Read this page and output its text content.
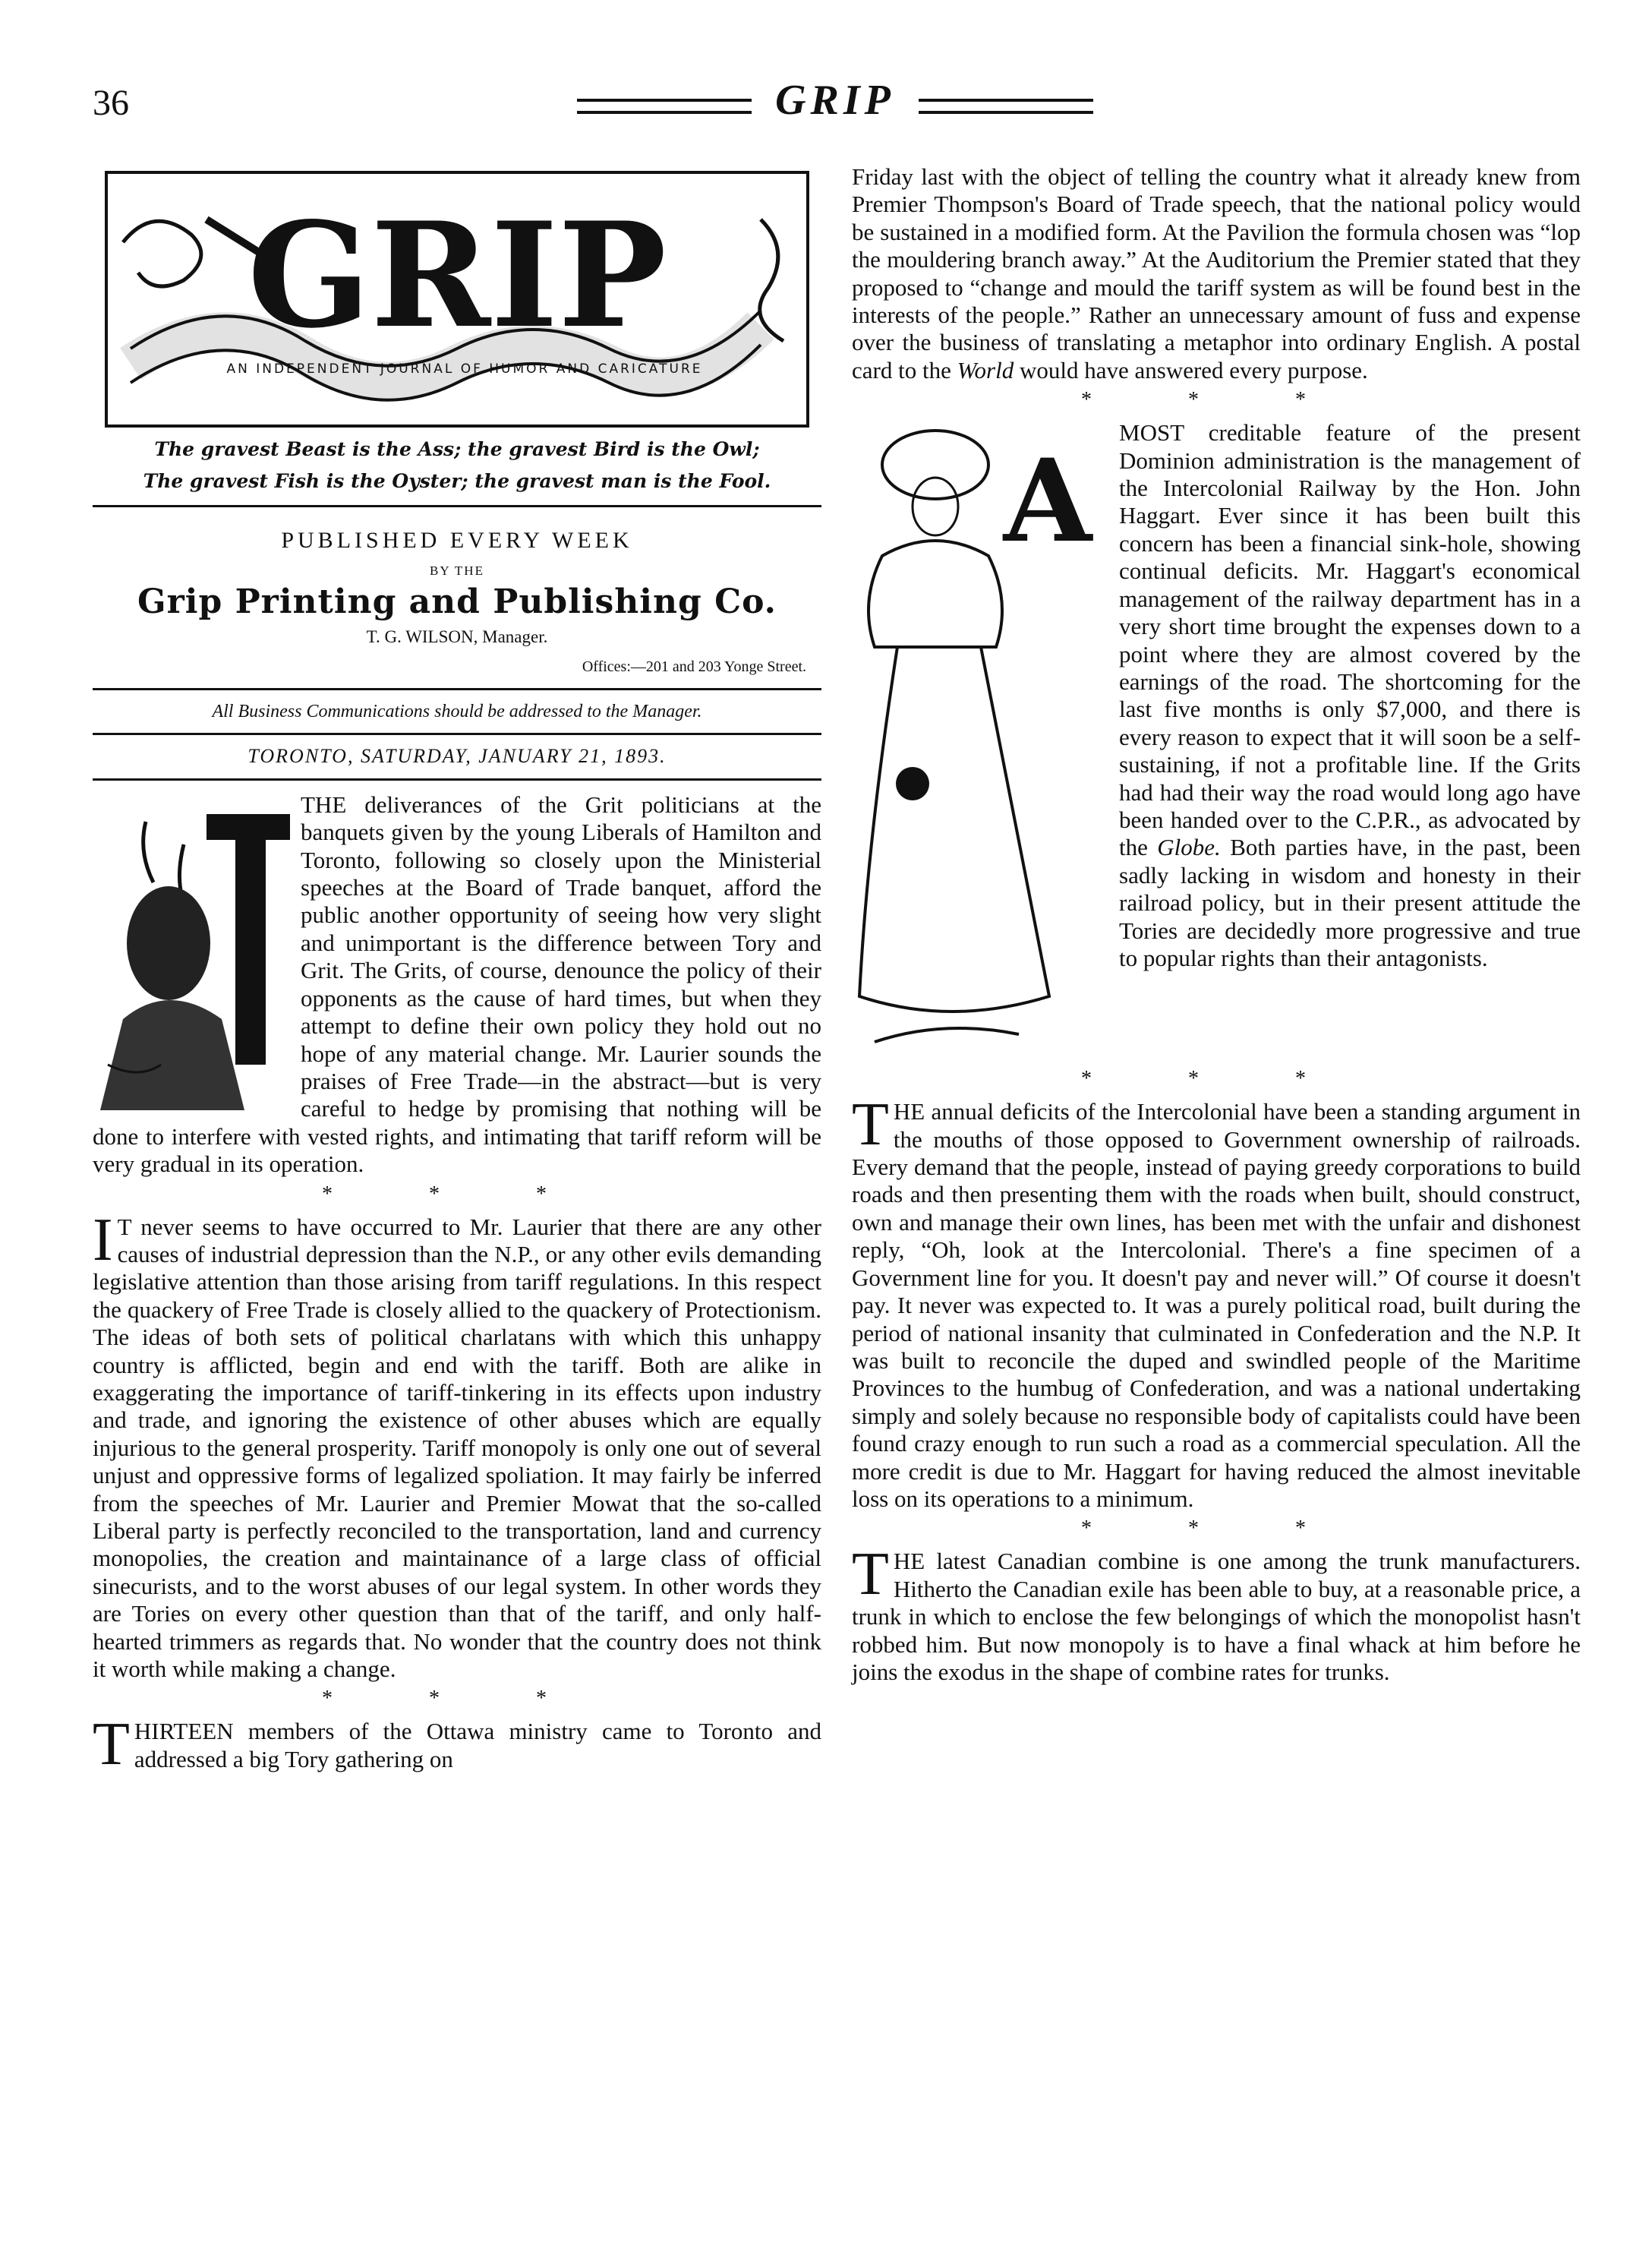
36	GRIP
GRIP
AN INDEPENDENT JOURNAL OF HUMOR AND CARICATURE
The gravest Beast is the Ass; the gravest Bird is the Owl;
The gravest Fish is the Oyster; the gravest man is the Fool.
PUBLISHED EVERY WEEK
BY THE
Grip Printing and Publishing Co.
T. G. WILSON, Manager.
Offices:—201 and 203 Yonge Street.

All Business Communications should be addressed to the Manager.

TORONTO, SATURDAY, JANUARY 21, 1893.

THE deliverances of the Grit politicians at the banquets given by the young Liberals of Hamilton and Toronto, following so closely upon the Ministerial speeches at the Board of Trade banquet, afford the public another opportunity of seeing how very slight and unimportant is the difference between Tory and Grit. The Grits, of course, denounce the policy of their opponents as the cause of hard times, but when they attempt to define their own policy they hold out no hope of any material change. Mr. Laurier sounds the praises of Free Trade—in the abstract—but is very careful to hedge by promising that nothing will be done to interfere with vested rights, and intimating that tariff reform will be very gradual in its operation.

* * *

I T never seems to have occurred to Mr. Laurier that there are any other causes of industrial depression than the N.P., or any other evils demanding legislative attention than those arising from tariff regulations. In this respect the quackery of Free Trade is closely allied to the quackery of Protectionism. The ideas of both sets of political charlatans with which this unhappy country is afflicted, begin and end with the tariff. Both are alike in exaggerating the importance of tariff-tinkering in its effects upon industry and trade, and ignoring the existence of other abuses which are equally injurious to the general prosperity. Tariff monopoly is only one out of several unjust and oppressive forms of legalized spoliation. It may fairly be inferred from the speeches of Mr. Laurier and Premier Mowat that the so-called Liberal party is perfectly reconciled to the transportation, land and currency monopolies, the creation and maintainance of a large class of official sinecurists, and to the worst abuses of our legal system. In other words they are Tories on every other question than that of the tariff, and only half-hearted trimmers as regards that. No wonder that the country does not think it worth while making a change.

* * *

T HIRTEEN members of the Ottawa ministry came to Toronto and addressed a big Tory gathering on

Friday last with the object of telling the country what it already knew from Premier Thompson's Board of Trade speech, that the national policy would be sustained in a modified form. At the Pavilion the formula chosen was “lop the mouldering branch away.” At the Auditorium the Premier stated that they proposed to “change and mould the tariff system as will be found best in the interests of the people.” Rather an unnecessary amount of fuss and expense over the business of translating a metaphor into ordinary English. A postal card to the World would have answered every purpose.

* * *
A

MOST creditable feature of the present Dominion administration is the management of the Intercolonial Railway by the Hon. John Haggart. Ever since it has been built this concern has been a financial sink-hole, showing continual deficits. Mr. Haggart's economical management of the railway department has in a very short time brought the expenses down to a point where they are almost covered by the earnings of the road. The shortcoming for the last five months is only $7,000, and there is every reason to expect that it will soon be a self-sustaining, if not a profitable line. If the Grits had had their way the road would long ago have been handed over to the C.P.R., as advocated by the Globe. Both parties have, in the past, been sadly lacking in wisdom and honesty in their railroad policy, but in their present attitude the Tories are decidedly more progressive and true to popular rights than their antagonists.

* * *

T HE annual deficits of the Intercolonial have been a standing argument in the mouths of those opposed to Government ownership of railroads. Every demand that the people, instead of paying greedy corporations to build roads and then presenting them with the roads when built, should construct, own and manage their own lines, has been met with the unfair and dishonest reply, “Oh, look at the Intercolonial. There's a fine specimen of a Government line for you. It doesn't pay and never will.” Of course it doesn't pay. It never was expected to. It was a purely political road, built during the period of national insanity that culminated in Confederation and the N.P. It was built to reconcile the duped and swindled people of the Maritime Provinces to the humbug of Confederation, and was a national undertaking simply and solely because no responsible body of capitalists could have been found crazy enough to run such a road as a commercial speculation. All the more credit is due to Mr. Haggart for having reduced the almost inevitable loss on its operations to a minimum.

* * *

T HE latest Canadian combine is one among the trunk manufacturers. Hitherto the Canadian exile has been able to buy, at a reasonable price, a trunk in which to enclose the few belongings of which the monopolist hasn't robbed him. But now monopoly is to have a final whack at him before he joins the exodus in the shape of combine rates for trunks.
